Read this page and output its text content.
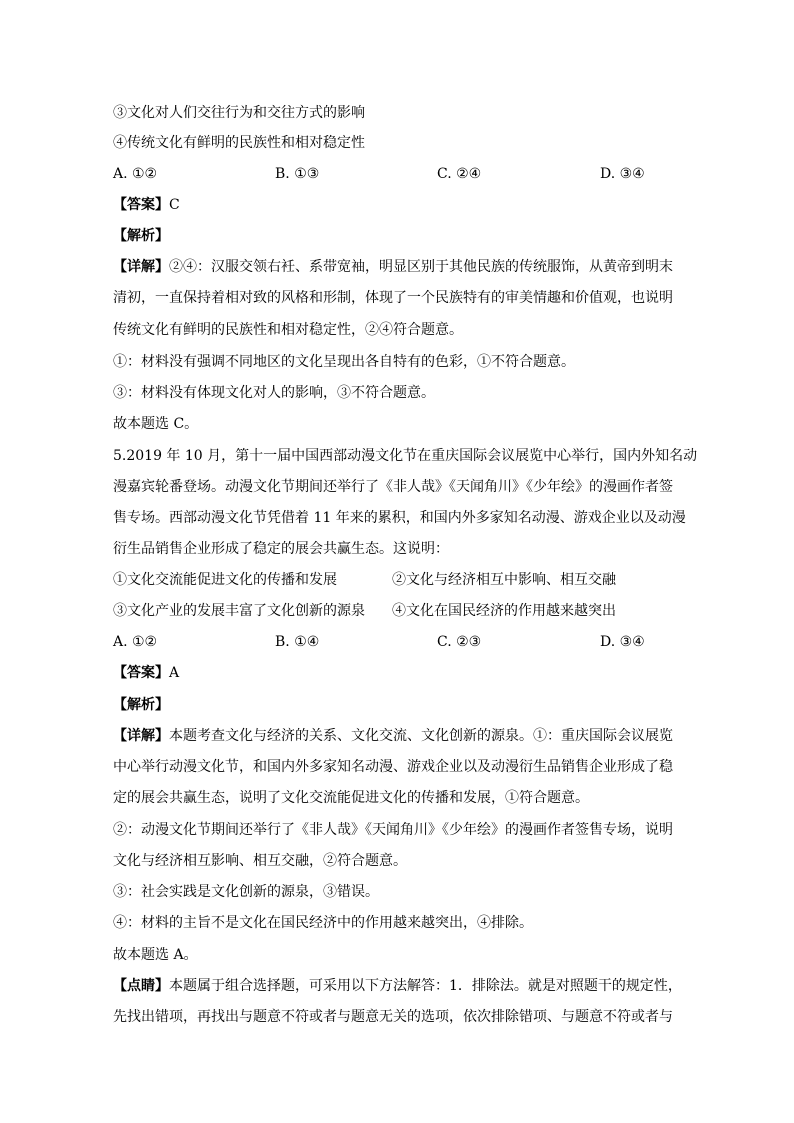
③文化对人们交往行为和交往方式的影响
④传统文化有鲜明的民族性和相对稳定性
A. ①②	B. ①③	C. ②④	D. ③④
【答案】C
【解析】
【详解】②④：汉服交领右衽、系带宽袖，明显区别于其他民族的传统服饰，从黄帝到明末
清初，一直保持着相对致的风格和形制，体现了一个民族特有的审美情趣和价值观，也说明
传统文化有鲜明的民族性和相对稳定性，②④符合题意。
①：材料没有强调不同地区的文化呈现出各自特有的色彩，①不符合题意。
③：材料没有体现文化对人的影响，③不符合题意。
故本题选 C。
5.2019 年 10 月，第十一届中国西部动漫文化节在重庆国际会议展览中心举行，国内外知名动
漫嘉宾轮番登场。动漫文化节期间还举行了《非人哉》《天闻角川》《少年绘》的漫画作者签
售专场。西部动漫文化节凭借着 11 年来的累积，和国内外多家知名动漫、游戏企业以及动漫
衍生品销售企业形成了稳定的展会共赢生态。这说明：
①文化交流能促进文化的传播和发展	②文化与经济相互中影响、相互交融
③文化产业的发展丰富了文化创新的源泉 ④文化在国民经济的作用越来越突出
A. ①②	B. ①④	C. ②③	D. ③④
【答案】A
【解析】
【详解】本题考查文化与经济的关系、文化交流、文化创新的源泉。①：重庆国际会议展览
中心举行动漫文化节，和国内外多家知名动漫、游戏企业以及动漫衍生品销售企业形成了稳
定的展会共赢生态，说明了文化交流能促进文化的传播和发展，①符合题意。
②：动漫文化节期间还举行了《非人哉》《天闻角川》《少年绘》的漫画作者签售专场，说明
文化与经济相互影响、相互交融，②符合题意。
③：社会实践是文化创新的源泉，③错误。
④：材料的主旨不是文化在国民经济中的作用越来越突出，④排除。
故本题选 A。
【点睛】本题属于组合选择题，可采用以下方法解答：1．排除法。就是对照题干的规定性，
先找出错项，再找出与题意不符或者与题意无关的选项，依次排除错项、与题意不符或者与
